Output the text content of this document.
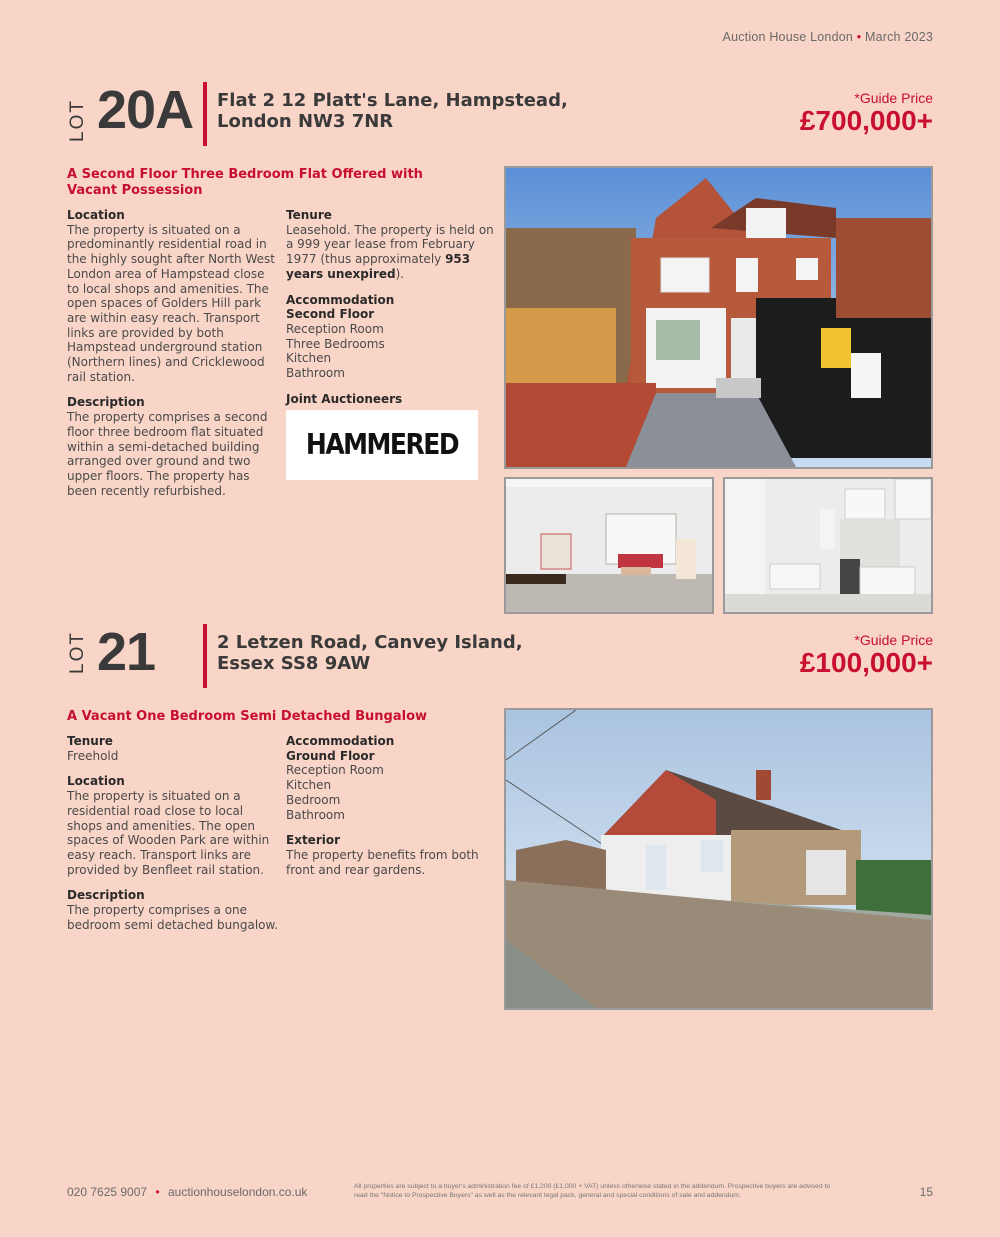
Auction House London • March 2023
LOT 20A Flat 2 12 Platt's Lane, Hampstead,
London NW3 7NR
*Guide Price
£700,000+
A Second Floor Three Bedroom Flat Offered with Vacant Possession
Location
The property is situated on a predominantly residential road in the highly sought after North West London area of Hampstead close to local shops and amenities. The open spaces of Golders Hill park are within easy reach. Transport links are provided by both Hampstead underground station (Northern lines) and Cricklewood rail station.
Description
The property comprises a second floor three bedroom flat situated within a semi-detached building arranged over ground and two upper floors. The property has been recently refurbished.
Tenure
Leasehold. The property is held on a 999 year lease from February 1977 (thus approximately 953 years unexpired).
Accommodation
Second Floor
Reception Room
Three Bedrooms
Kitchen
Bathroom
Joint Auctioneers
HAMMERED
LOT 21	2 Letzen Road, Canvey Island,
Essex SS8 9AW
*Guide Price
£100,000+
A Vacant One Bedroom Semi Detached Bungalow
Tenure
Freehold
Location
The property is situated on a residential road close to local shops and amenities. The open spaces of Wooden Park are within easy reach. Transport links are provided by Benfleet rail station.
Description
The property comprises a one bedroom semi detached bungalow.
Accommodation
Ground Floor
Reception Room
Kitchen
Bedroom
Bathroom
Exterior
The property benefits from both front and rear gardens.
020 7625 9007 • auctionhouselondon.co.uk	All properties are subject to a buyer's administration fee of £1,200 (£1,000 + VAT) unless otherwise stated in the addendum. Prospective buyers are advised to read the "Notice to Prospective Buyers" as well as the relevant legal pack, general and special conditions of sale and addendum.	15
